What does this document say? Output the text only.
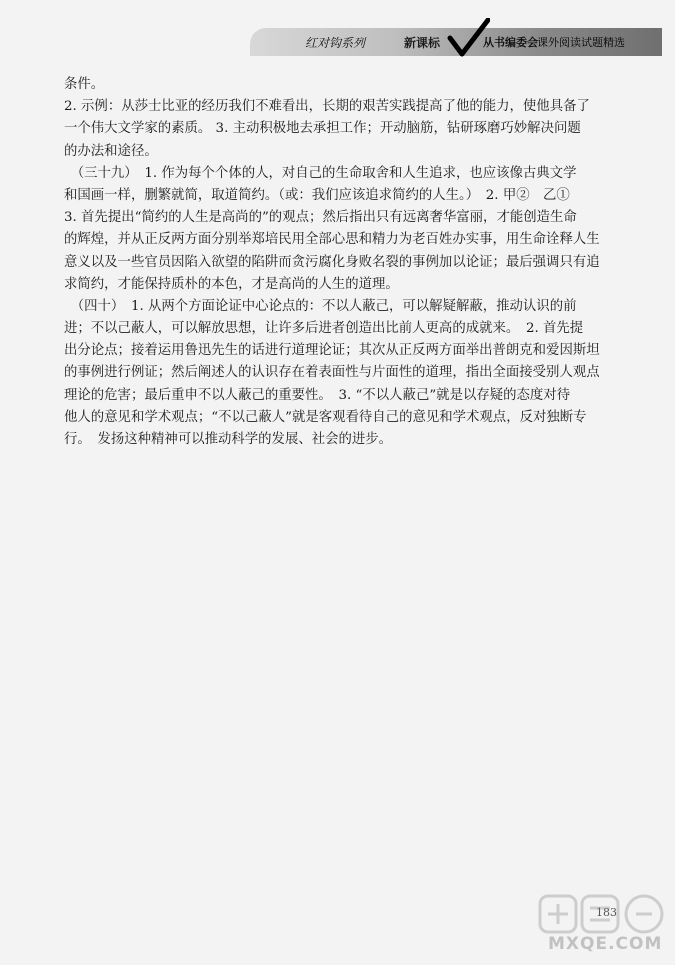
红对钩系列	新课标	从书编委会 课外阅读试题精选
条件。
2. 示例：从莎士比亚的经历我们不难看出，长期的艰苦实践提高了他的能力，使他具备了
一个伟大文学家的素质。 3. 主动积极地去承担工作；开动脑筋，钻研琢磨巧妙解决问题
的办法和途径。
　（三十九）　1. 作为每个个体的人，对自己的生命取舍和人生追求，也应该像古典文学
和国画一样，删繁就简，取道简约。（或：我们应该追求简约的人生。）　2. 甲②　乙①
3. 首先提出“简约的人生是高尚的”的观点；然后指出只有远离奢华富丽，才能创造生命
的辉煌，并从正反两方面分别举郑培民用全部心思和精力为老百姓办实事，用生命诠释人生
意义以及一些官员因陷入欲望的陷阱而贪污腐化身败名裂的事例加以论证；最后强调只有追
求简约，才能保持质朴的本色，才是高尚的人生的道理。
　（四十）　1. 从两个方面论证中心论点的：不以人蔽己，可以解疑解蔽，推动认识的前
进；不以己蔽人，可以解放思想，让许多后进者创造出比前人更高的成就来。　2. 首先提
出分论点；接着运用鲁迅先生的话进行道理论证；其次从正反两方面举出普朗克和爱因斯坦
的事例进行例证；然后阐述人的认识存在着表面性与片面性的道理，指出全面接受别人观点
理论的危害；最后重申不以人蔽己的重要性。　3. “不以人蔽己”就是以存疑的态度对待
他人的意见和学术观点；“不以己蔽人”就是客观看待自己的意见和学术观点，反对独断专
行。　发扬这种精神可以推动科学的发展、社会的进步。
183
MXQE.COM
